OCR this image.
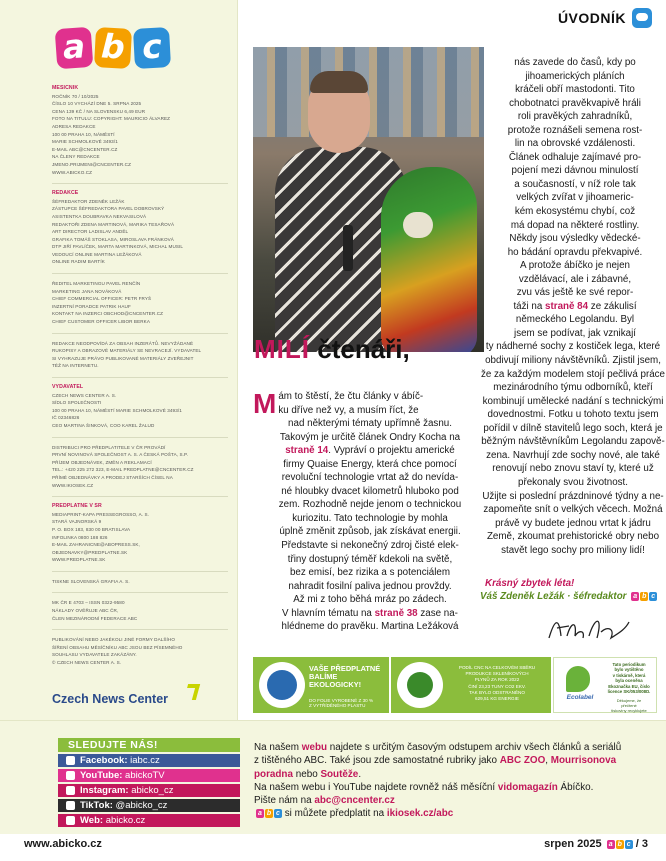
a b c
MĚSÍČNÍK
ROČNÍK 70 / 10/2025
ČÍSLO 10 VYCHÁZÍ DNE 5. SRPNA 2025
CENA 139 KČ / NA SLOVENSKU 6,49 EUR
FOTO NA TITULU: COPYRIGHT: MAURICIO ÁLVAREZ
ADRESA REDAKCE
100 00 PRAHA 10, NÁMĚSTÍ
MARIE SCHMOLKOVÉ 3493/1
E-MAIL ABC@CNCENTER.CZ
NA ČLENY REDAKCE
JMENO.PRIJMENI@CNCENTER.CZ
WWW.ABICKO.CZ
REDAKCE
ŠÉFREDAKTOR ZDENĚK LEŽÁK
ZÁSTUPCE ŠÉFREDAKTORA PAVEL DOBROVSKÝ
ASISTENTKA DOUBRAVKA NEKVASILOVÁ
REDAKTOŘI ZDENA MARTINOVÁ, MARIKA TESAŘOVÁ
ART DIRECTOR LADISLAV ANDĚL
GRAFIKA TOMÁŠ STOKLASA, MIROSLAVA FRÁNKOVÁ
DTP JIŘÍ PAVLÍČEK, MARTA MARTINKOVÁ, MICHAL MUSIL
VEDOUCÍ ONLINE MARTINA LEŽÁKOVÁ
ONLINE RADIM BARTÍK
ŘEDITEL MARKETINGU PAVEL RENČÍN
MARKETING JANA NOVÁKOVÁ
CHIEF COMMERCIAL OFFICER: PETR FRYŠ
INZERTNÍ PORADCE PATRIK HAUF
KONTAKT NA INZERCI OBCHOD@CNCENTER.CZ
CHIEF CUSTOMER OFFICER LIBOR BERKA
REDAKCE NEODPOVÍDÁ ZA OBSAH INZERÁTŮ. NEVYŽÁDANÉ
RUKOPISY A OBRAZOVÉ MATERIÁLY SE NEVRACEJÍ. VYDAVATEL
SI VYHRAZUJE PRÁVO PUBLIKOVANÉ MATERIÁLY ZVEŘEJNIT
TÉŽ NA INTERNETU.
VYDAVATEL
CZECH NEWS CENTER A. S.
SÍDLO SPOLEČNOSTI
100 00 PRAHA 10, NÁMĚSTÍ MARIE SCHMOLKOVÉ 3493/1
IČ 02346826
CEO MARTINA ŠINKOVÁ, COO KAREL ŽALUD
DISTRIBUCI PRO PŘEDPLATITELE V ČR PROVÁDÍ
PRVNÍ NOVINOVÁ SPOLEČNOST A. S. A ČESKÁ POŠTA, S.P.
PŘÍJEM OBJEDNÁVEK, ZMĚN A REKLAMACÍ
TEL.: +420 225 272 323, E-MAIL PREDPLATNE@CNCENTER.CZ
PŘÍMÉ OBJEDNÁVKY A PRODEJ STARŠÍCH ČÍSEL NA
WWW.IKIOSEK.CZ
PŘEDPLATNÉ V SR
MEDIAPRINT-KAPA PRESSEGROSSO, A. S.
STARÁ VAJNORSKÁ 9
P. O. BOX 183, 830 00 BRATISLAVA
INFOLINKA 0800 188 826
E-MAIL ZAHRANICNE@ABOPRESS.SK,
OBJEDNAVKY@PREDPLATNE.SK
WWW.PREDPLATNE.SK
TISKNE SLOVENSKÁ GRAFIA A. S.
MK ČR E 4703 – ISSN 0322-9580
NÁKLADY OVĚŘUJE ABC ČR,
ČLEN MEZINÁRODNÍ FEDERACE ABC
PUBLIKOVÁNÍ NEBO JAKÉKOLI JINÉ FORMY DALŠÍHO
ŠÍŘENÍ OBSAHU MĚSÍČNÍKU ABC JSOU BEZ PÍSEMNÉHO
SOUHLASU VYDAVATELE ZAKÁZÁNY.
© CZECH NEWS CENTER A. S.
Czech News Center
ÚVODNÍK
MILÍ čtenáři,
M ám to štěstí, že čtu články v ábíč-
ku dříve než vy, a musím říct, že
nad některými tématy upřímně žasnu.
Takovým je určitě článek Ondry Kocha na
straně 14. Vypráví o projektu americké
firmy Quaise Energy, která chce pomocí
revoluční technologie vrtat až do nevída-
né hloubky dvacet kilometrů hluboko pod
zem. Rozhodně nejde jenom o technickou
kuriozitu. Tato technologie by mohla
úplně změnit způsob, jak získávat energii.
Představte si nekonečný zdroj čisté elek-
třiny dostupný téměř kdekoli na světě,
bez emisí, bez rizika a s potenciálem
nahradit fosilní paliva jednou provždy.
Až mi z toho běhá mráz po zádech.
V hlavním tématu na straně 38 zase na-
hlédneme do pravěku. Martina Ležáková
nás zavede do časů, kdy po
jihoamerických pláních
kráčeli obří mastodonti. Tito
chobotnatci pravěkvapivě hráli
roli pravěkých zahradníků,
protože roznášeli semena rost-
lin na obrovské vzdálenosti.
Článek odhaluje zajímavé pro-
pojení mezi dávnou minulostí
a současností, v níž role tak
velkých zvířat v jihoameric-
kém ekosystému chybí, což
má dopad na některé rostliny.
Někdy jsou výsledky vědecké-
ho bádání opravdu překvapivé.
A protože ábíčko je nejen
vzdělávací, ale i zábavné,
zvu vás ještě ke své repor-
táži na straně 84 ze zákulisí
německého Legolandu. Byl
jsem se podívat, jak vznikají
ty nádherné sochy z kostiček lega, které
obdivují miliony návštěvníků. Zjistil jsem,
že za každým modelem stojí pečlivá práce
mezinárodního týmu odborníků, kteří
kombinují umělecké nadání s technickými
dovednostmi. Fotku u tohoto textu jsem
pořídil v dílně stavitelů lego soch, která je
běžným návštěvníkům Legolandu zapově-
zena. Navrhují zde sochy nové, ale také
renovují nebo znovu staví ty, které už
překonaly svou životnost.
Užijte si poslední prázdninové týdny a ne-
zapomeňte snít o velkých věcech. Možná
právě vy budete jednou vrtat k jádru
Země, zkoumat prehistorické obry nebo
stavět lego sochy pro miliony lidí!
Krásný zbytek léta!
Váš Zdeněk Ležák · šéfredaktor a b c
VAŠE PŘEDPLATNÉ
BALÍME
EKOLOGICKY!
DO FOLIE VYROBENÉ Z 30 %
Z VYTŘÍDĚNÉHO PLASTU
PODÍL CNC NA CELKOVÉM SBĚRU
PRODUKCE SKLENÍKOVÝCH
PLYNŮ ZA ROK 2022
ČINÍ 23,23 TUNY CO2 EKV.
TAK BYLO ODSTRANĚNO
629,51 KG ENERGIE	Ecolabel
Tato periodikum
bylo vytištěno
v tiskárně, která
byla oceněna
Ekoznačka EU, číslo
licence SK/053/008D.
Děkujeme, že
přečtené
tiskoviny recyklujete
SLEDUJTE NÁS!
Facebook: iabc.cz
YouTube: abickoTV
Instagram: abicko_cz
TikTok: @abicko_cz
Web: abicko.cz
Na našem webu najdete s určitým časovým odstupem archiv všech článků a seriálů
z tištěného ABC. Také jsou zde samostatné rubriky jako ABC ZOO, Mourrisonova
poradna nebo Soutěže.
Na našem webu i YouTube najdete rovněž náš měsíční vidomagazín Ábíčko.
Pište nám na abc@cncenter.cz
a b c si můžete předplatit na ikiosek.cz/abc
www.abicko.cz	srpen 2025 a b c / 3
